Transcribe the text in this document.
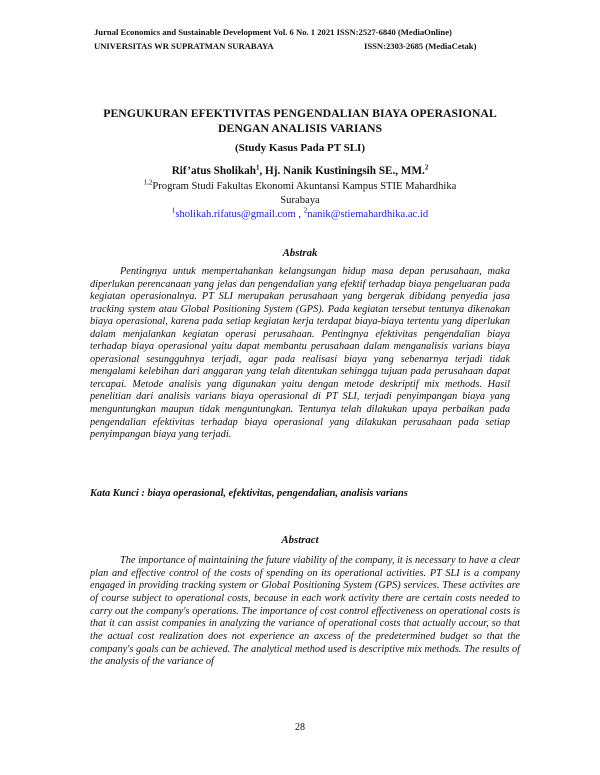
Jurnal Economics and Sustainable Development Vol. 6 No. 1 2021 ISSN:2527-6840 (MediaOnline)
UNIVERSITAS WR SUPRATMAN SURABAYA	ISSN:2303-2685 (MediaCetak)
PENGUKURAN EFEKTIVITAS PENGENDALIAN BIAYA OPERASIONAL
DENGAN ANALISIS VARIANS
(Study Kasus Pada PT SLI)
Rif’atus Sholikah$^1$, Hj. Nanik Kustiningsih SE., MM.$^2$
$^{1,2}$Program Studi Fakultas Ekonomi Akuntansi Kampus STIE Mahardhika
Surabaya
$^1$sholikah.rifatus@gmail.com , $^2$nanik@stiemahardhika.ac.id
Abstrak
Pentingnya untuk mempertahankan kelangsungan hidup masa depan perusahaan, maka diperlukan perencanaan yang jelas dan pengendalian yang efektif terhadap biaya pengeluaran pada kegiatan operasionalnya. PT SLI merupakan perusahaan yang bergerak dibidang penyedia jasa tracking system atau Global Positioning System (GPS). Pada kegiatan tersebut tentunya dikenakan biaya operasional, karena pada setiap kegiatan kerja terdapat biaya-biaya tertentu yang diperlukan dalam menjalankan kegiatan operasi perusahaan. Pentingnya efektivitas pengendalian biaya terhadap biaya operasional yaitu dapat membantu perusahaan dalam menganalisis varians biaya operasional sesungguhnya terjadi, agar pada realisasi biaya yang sebenarnya terjadi tidak mengalami kelebihan dari anggaran yang telah ditentukan sehingga tujuan pada perusahaan dapat tercapai. Metode analisis yang digunakan yaitu dengan metode deskriptif mix methods. Hasil penelitian dari analisis varians biaya operasional di PT SLI, terjadi penyimpangan biaya yang menguntungkan maupun tidak menguntungkan. Tentunya telah dilakukan upaya perbaikan pada pengendalian efektivitas terhadap biaya operasional yang dilakukan perusahaan pada setiap penyimpangan biaya yang terjadi.
Kata Kunci : biaya operasional, efektivitas, pengendalian, analisis varians
Abstract
The importance of maintaining the future viability of the company, it is necessary to have a clear plan and effective control of the costs of spending on its operational activities. PT SLI is a company engaged in providing tracking system or Global Positioning System (GPS) services. These activites are of course subject to operational costs, because in each work activity there are certain costs needed to carry out the company's operations. The importance of cost control effectiveness on operational costs is that it can assist companies in analyzing the variance of operational costs that actually accour, so that the actual cost realization does not experience an axcess of the predetermined budget so that the company's goals can be achieved. The analytical method used is descriptive mix methods. The results of the analysis of the variance of
28
